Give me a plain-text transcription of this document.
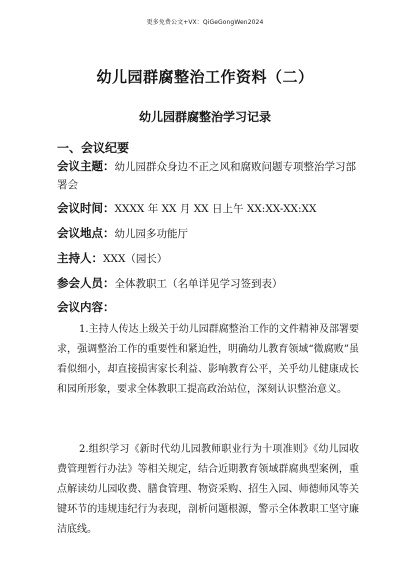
更多免费公文+VX：QiGeGongWen2024
幼儿园群腐整治工作资料（二）
幼儿园群腐整治学习记录
一、会议纪要
会议主题：幼儿园群众身边不正之风和腐败问题专项整治学习部署会
会议时间：XXXX 年 XX 月 XX 日上午 XX:XX-XX:XX
会议地点：幼儿园多功能厅
主持人：XXX（园长）
参会人员：全体教职工（名单详见学习签到表）
会议内容：
1.主持人传达上级关于幼儿园群腐整治工作的文件精神及部署要求，强调整治工作的重要性和紧迫性，明确幼儿教育领域“微腐败”虽看似细小，却直接损害家长利益、影响教育公平，关乎幼儿健康成长和园所形象，要求全体教职工提高政治站位，深刻认识整治意义。
2.组织学习《新时代幼儿园教师职业行为十项准则》《幼儿园收费管理暂行办法》等相关规定，结合近期教育领域群腐典型案例，重点解读幼儿园收费、膳食管理、物资采购、招生入园、师德师风等关键环节的违规违纪行为表现，剖析问题根源，警示全体教职工坚守廉洁底线。
